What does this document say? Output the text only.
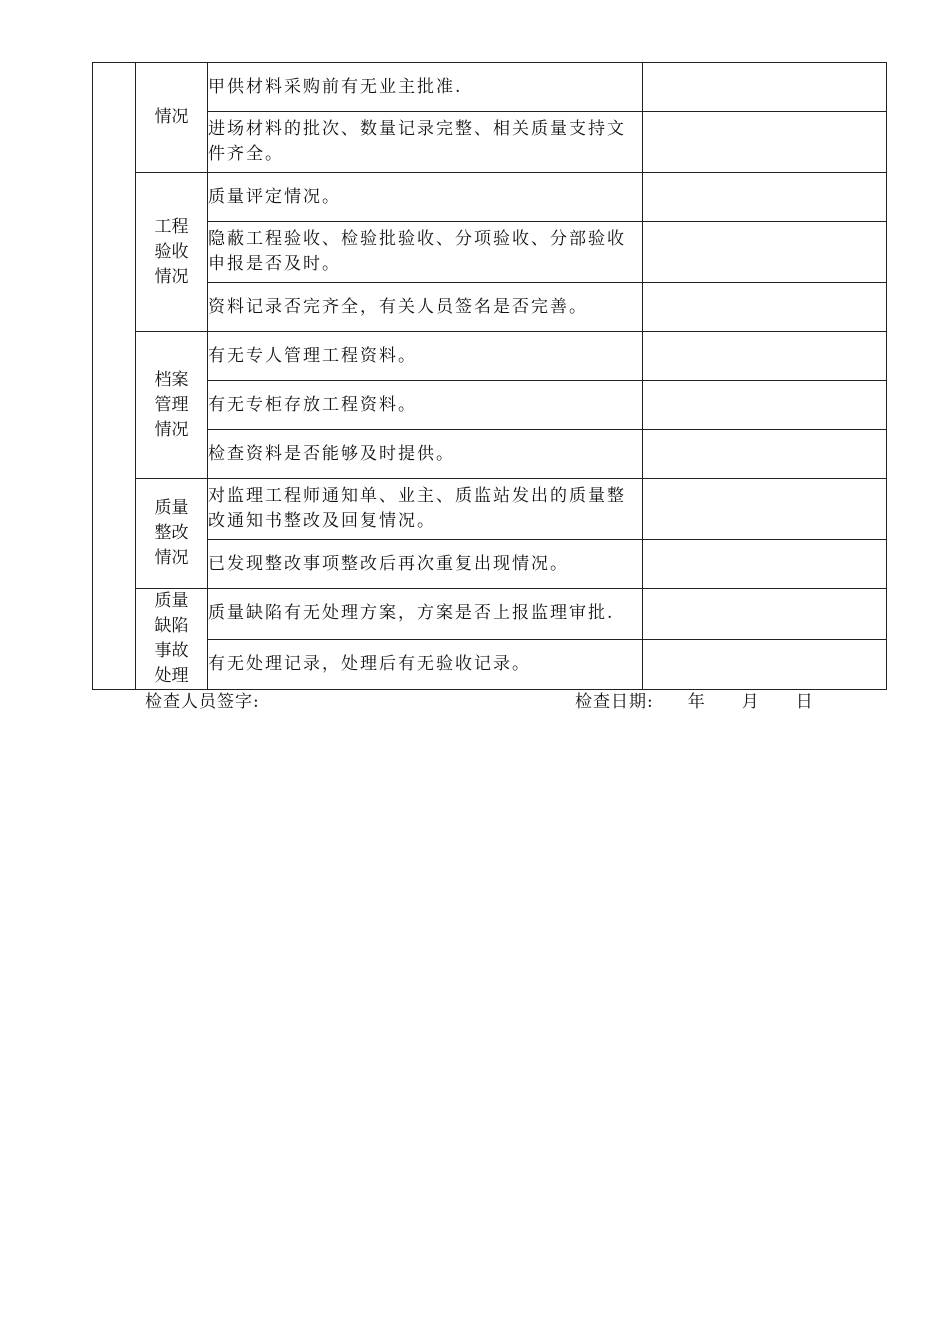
	情况	甲供材料采购前有无业主批准.	
		进场材料的批次、数量记录完整、相关质量支持文件齐全。	
	工程验收情况	质量评定情况。	
		隐蔽工程验收、检验批验收、分项验收、分部验收申报是否及时。	
		资料记录否完齐全，有关人员签名是否完善。	
	档案管理情况	有无专人管理工程资料。	
		有无专柜存放工程资料。	
		检查资料是否能够及时提供。	
	质量整改情况	对监理工程师通知单、业主、质监站发出的质量整改通知书整改及回复情况。	
		已发现整改事项整改后再次重复出现情况。	
	质量缺陷事故处理	质量缺陷有无处理方案，方案是否上报监理审批.	
		有无处理记录，处理后有无验收记录。	
检查人员签字:	检查日期: 年 月 日
